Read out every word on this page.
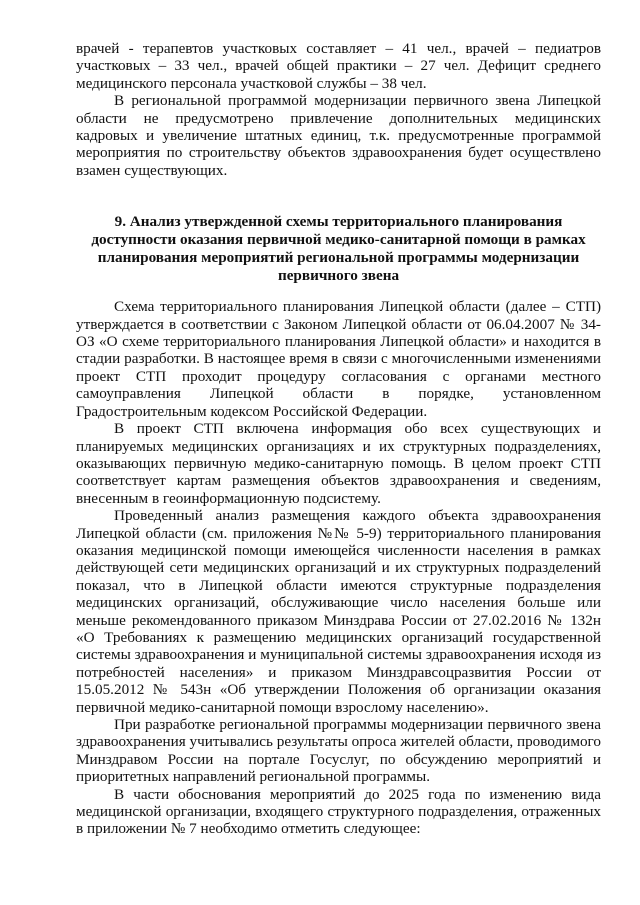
врачей - терапевтов участковых составляет – 41 чел., врачей – педиатров участковых – 33 чел., врачей общей практики – 27 чел. Дефицит среднего медицинского персонала участковой службы – 38 чел.

В региональной программой модернизации первичного звена Липецкой области не предусмотрено привлечение дополнительных медицинских кадровых и увеличение штатных единиц, т.к. предусмотренные программой мероприятия по строительству объектов здравоохранения будет осуществлено взамен существующих.

9. Анализ утвержденной схемы территориального планирования доступности оказания первичной медико-санитарной помощи в рамках планирования мероприятий региональной программы модернизации первичного звена

Схема территориального планирования Липецкой области (далее – СТП) утверждается в соответствии с Законом Липецкой области от 06.04.2007 № 34-ОЗ «О схеме территориального планирования Липецкой области» и находится в стадии разработки. В настоящее время в связи с многочисленными изменениями проект СТП проходит процедуру согласования с органами местного самоуправления Липецкой области в порядке, установленном Градостроительным кодексом Российской Федерации.

В проект СТП включена информация обо всех существующих и планируемых медицинских организациях и их структурных подразделениях, оказывающих первичную медико-санитарную помощь. В целом проект СТП соответствует картам размещения объектов здравоохранения и сведениям, внесенным в геоинформационную подсистему.

Проведенный анализ размещения каждого объекта здравоохранения Липецкой области (см. приложения №№ 5-9) территориального планирования оказания медицинской помощи имеющейся численности населения в рамках действующей сети медицинских организаций и их структурных подразделений показал, что в Липецкой области имеются структурные подразделения медицинских организаций, обслуживающие число населения больше или меньше рекомендованного приказом Минздрава России от 27.02.2016 № 132н «О Требованиях к размещению медицинских организаций государственной системы здравоохранения и муниципальной системы здравоохранения исходя из потребностей населения» и приказом Минздравсоцразвития России от 15.05.2012 № 543н «Об утверждении Положения об организации оказания первичной медико-санитарной помощи взрослому населению».

При разработке региональной программы модернизации первичного звена здравоохранения учитывались результаты опроса жителей области, проводимого Минздравом России на портале Госуслуг, по обсуждению мероприятий и приоритетных направлений региональной программы.

В части обоснования мероприятий до 2025 года по изменению вида медицинской организации, входящего структурного подразделения, отраженных в приложении № 7 необходимо отметить следующее:
